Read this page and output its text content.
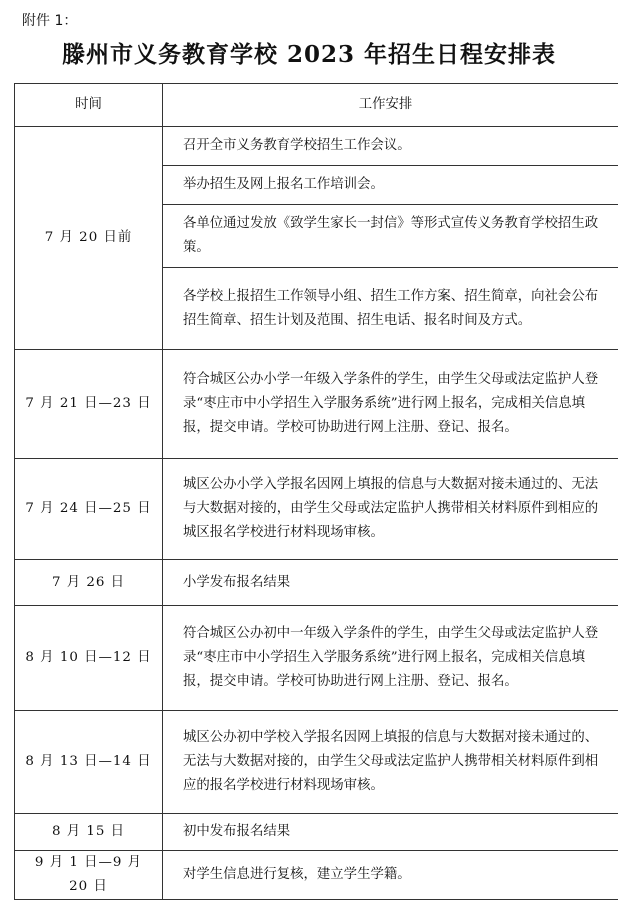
附件 1：
滕州市义务教育学校 2023 年招生日程安排表
时间	工作安排
7 月 20 日前	召开全市义务教育学校招生工作会议。
	举办招生及网上报名工作培训会。
	各单位通过发放《致学生家长一封信》等形式宣传义务教育学校招生政策。
	各学校上报招生工作领导小组、招生工作方案、招生简章，向社会公布招生简章、招生计划及范围、招生电话、报名时间及方式。
7 月 21 日—23 日	符合城区公办小学一年级入学条件的学生，由学生父母或法定监护人登录“枣庄市中小学招生入学服务系统”进行网上报名，完成相关信息填报，提交申请。学校可协助进行网上注册、登记、报名。
7 月 24 日—25 日	城区公办小学入学报名因网上填报的信息与大数据对接未通过的、无法与大数据对接的，由学生父母或法定监护人携带相关材料原件到相应的城区报名学校进行材料现场审核。
7 月 26 日	小学发布报名结果
8 月 10 日—12 日	符合城区公办初中一年级入学条件的学生，由学生父母或法定监护人登录“枣庄市中小学招生入学服务系统”进行网上报名，完成相关信息填报，提交申请。学校可协助进行网上注册、登记、报名。
8 月 13 日—14 日	城区公办初中学校入学报名因网上填报的信息与大数据对接未通过的、无法与大数据对接的，由学生父母或法定监护人携带相关材料原件到相应的报名学校进行材料现场审核。
8 月 15 日	初中发布报名结果
9 月 1 日—9 月 20 日	对学生信息进行复核，建立学生学籍。
